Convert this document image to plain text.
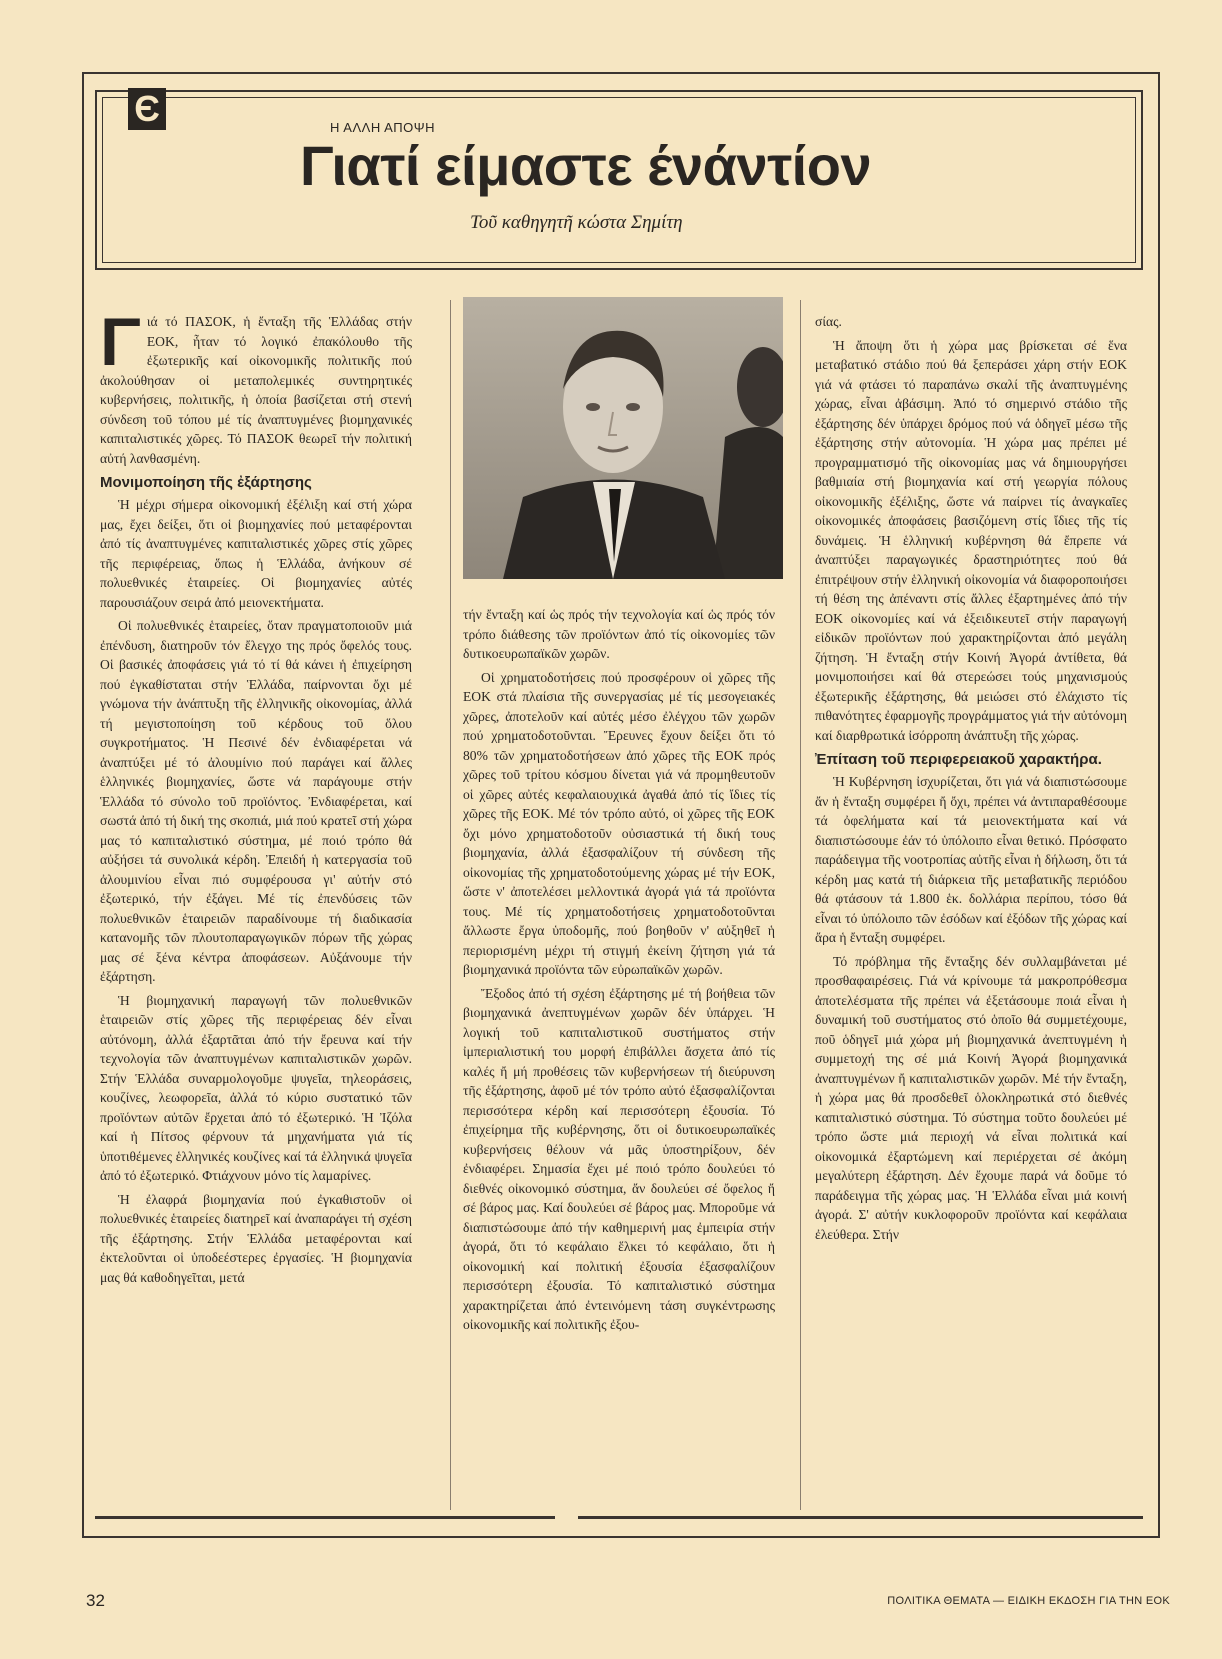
Є	Η ΑΛΛΗ ΑΠΟΨΗ
Γιατί είμαστε ένάντίον
Τοῦ καθηγητῆ κώστα Σημίτη

Γιά τό ΠΑΣΟΚ, ἡ ἔνταξη τῆς Ἑλλάδας στήν ΕΟΚ, ἦταν τό λογικό ἐπακόλουθο τῆς ἐξωτερικῆς καί οἰκονομικῆς πολιτικῆς πού ἀκολούθησαν οἱ μεταπολεμικές συντηρητικές κυβερνήσεις, πολιτικῆς, ἡ ὁποία βασίζεται στή στενή σύνδεση τοῦ τόπου μέ τίς ἀναπτυγμένες βιομηχανικές καπιταλιστικές χῶρες. Τό ΠΑΣΟΚ θεωρεῖ τήν πολιτική αὐτή λανθασμένη.

Μονιμοποίηση τῆς ἐξάρτησης

Ἡ μέχρι σήμερα οἰκονομική ἐξέλιξη καί στή χώρα μας, ἔχει δείξει, ὅτι οἱ βιομηχανίες πού μεταφέρονται ἀπό τίς ἀναπτυγμένες καπιταλιστικές χῶρες στίς χῶρες τῆς περιφέρειας, ὅπως ἡ Ἑλλάδα, ἀνήκουν σέ πολυεθνικές ἑταιρείες. Οἱ βιομηχανίες αὐτές παρουσιάζουν σειρά ἀπό μειονεκτήματα.

Οἱ πολυεθνικές ἑταιρείες, ὅταν πραγματοποιοῦν μιά ἐπένδυση, διατηροῦν τόν ἔλεγχο της πρός ὄφελός τους. Οἱ βασικές ἀποφάσεις γιά τό τί θά κάνει ἡ ἐπιχείρηση πού ἐγκαθίσταται στήν Ἑλλάδα, παίρνονται ὄχι μέ γνώμονα τήν ἀνάπτυξη τῆς ἑλληνικῆς οἰκονομίας, ἀλλά τή μεγιστοποίηση τοῦ κέρδους τοῦ ὅλου συγκροτήματος. Ἡ Πεσινέ δέν ἐνδιαφέρεται νά ἀναπτύξει μέ τό ἀλουμίνιο πού παράγει καί ἄλλες ἑλληνικές βιομηχανίες, ὥστε νά παράγουμε στήν Ἑλλάδα τό σύνολο τοῦ προϊόντος. Ἐνδιαφέρεται, καί σωστά ἀπό τή δική της σκοπιά, μιά πού κρατεῖ στή χώρα μας τό καπιταλιστικό σύστημα, μέ ποιό τρόπο θά αὐξήσει τά συνολικά κέρδη. Ἐπειδή ἡ κατεργασία τοῦ ἀλουμινίου εἶναι πιό συμφέρουσα γι' αὐτήν στό ἐξωτερικό, τήν ἐξάγει. Μέ τίς ἐπενδύσεις τῶν πολυεθνικῶν ἑταιρειῶν παραδίνουμε τή διαδικασία κατανομῆς τῶν πλουτοπαραγωγικῶν πόρων τῆς χώρας μας σέ ξένα κέντρα ἀποφάσεων. Αὐξάνουμε τήν ἐξάρτηση.

Ἡ βιομηχανική παραγωγή τῶν πολυεθνικῶν ἑταιρειῶν στίς χῶρες τῆς περιφέρειας δέν εἶναι αὐτόνομη, ἀλλά ἐξαρτᾶται ἀπό τήν ἔρευνα καί τήν τεχνολογία τῶν ἀναπτυγμένων καπιταλιστικῶν χωρῶν. Στήν Ἑλλάδα συναρμολογοῦμε ψυγεῖα, τηλεοράσεις, κουζίνες, λεωφορεῖα, ἀλλά τό κύριο συστατικό τῶν προϊόντων αὐτῶν ἔρχεται ἀπό τό ἐξωτερικό. Ἡ Ἰζόλα καί ἡ Πίτσος φέρνουν τά μηχανήματα γιά τίς ὑποτιθέμενες ἑλληνικές κουζίνες καί τά ἑλληνικά ψυγεῖα ἀπό τό ἐξωτερικό. Φτιάχνουν μόνο τίς λαμαρίνες.

Ἡ ἐλαφρά βιομηχανία πού ἐγκαθιστοῦν οἱ πολυεθνικές ἑταιρείες διατηρεῖ καί ἀναπαράγει τή σχέση τῆς ἐξάρτησης. Στήν Ἑλλάδα μεταφέρονται καί ἐκτελοῦνται οἱ ὑποδεέστερες ἐργασίες. Ἡ βιομηχανία μας θά καθοδηγεῖται, μετά

τήν ἔνταξη καί ὡς πρός τήν τεχνολογία καί ὡς πρός τόν τρόπο διάθεσης τῶν προϊόντων ἀπό τίς οἰκονομίες τῶν δυτικοευρωπαϊκῶν χωρῶν.

Οἱ χρηματοδοτήσεις πού προσφέρουν οἱ χῶρες τῆς ΕΟΚ στά πλαίσια τῆς συνεργασίας μέ τίς μεσογειακές χῶρες, ἀποτελοῦν καί αὐτές μέσο ἐλέγχου τῶν χωρῶν πού χρηματοδοτοῦνται. Ἔρευνες ἔχουν δείξει ὅτι τό 80% τῶν χρηματοδοτήσεων ἀπό χῶρες τῆς ΕΟΚ πρός χῶρες τοῦ τρίτου κόσμου δίνεται γιά νά προμηθευτοῦν οἱ χῶρες αὐτές κεφαλαιουχικά ἀγαθά ἀπό τίς ἴδιες τίς χῶρες τῆς ΕΟΚ. Μέ τόν τρόπο αὐτό, οἱ χῶρες τῆς ΕΟΚ ὄχι μόνο χρηματοδοτοῦν οὐσιαστικά τή δική τους βιομηχανία, ἀλλά ἐξασφαλίζουν τή σύνδεση τῆς οἰκονομίας τῆς χρηματοδοτούμενης χώρας μέ τήν ΕΟΚ, ὥστε ν' ἀποτελέσει μελλοντικά ἀγορά γιά τά προϊόντα τους. Μέ τίς χρηματοδοτήσεις χρηματοδοτοῦνται ἄλλωστε ἔργα ὑποδομῆς, πού βοηθοῦν ν' αὐξηθεῖ ἡ περιορισμένη μέχρι τή στιγμή ἐκείνη ζήτηση γιά τά βιομηχανικά προϊόντα τῶν εὐρωπαϊκῶν χωρῶν.

Ἔξοδος ἀπό τή σχέση ἐξάρτησης μέ τή βοήθεια τῶν βιομηχανικά ἀνεπτυγμένων χωρῶν δέν ὑπάρχει. Ἡ λογική τοῦ καπιταλιστικοῦ συστήματος στήν ἰμπεριαλιστική του μορφή ἐπιβάλλει ἄσχετα ἀπό τίς καλές ἤ μή προθέσεις τῶν κυβερνήσεων τή διεύρυνση τῆς ἐξάρτησης, ἀφοῦ μέ τόν τρόπο αὐτό ἐξασφαλίζονται περισσότερα κέρδη καί περισσότερη ἐξουσία. Τό ἐπιχείρημα τῆς κυβέρνησης, ὅτι οἱ δυτικοευρωπαϊκές κυβερνήσεις θέλουν νά μᾶς ὑποστηρίξουν, δέν ἐνδιαφέρει. Σημασία ἔχει μέ ποιό τρόπο δουλεύει τό διεθνές οἰκονομικό σύστημα, ἄν δουλεύει σέ ὄφελος ἤ σέ βάρος μας. Καί δουλεύει σέ βάρος μας. Μποροῦμε νά διαπιστώσουμε ἀπό τήν καθημερινή μας ἐμπειρία στήν ἀγορά, ὅτι τό κεφάλαιο ἕλκει τό κεφάλαιο, ὅτι ἡ οἰκονομική καί πολιτική ἐξουσία ἐξασφαλίζουν περισσότερη ἐξουσία. Τό καπιταλιστικό σύστημα χαρακτηρίζεται ἀπό ἐντεινόμενη τάση συγκέντρωσης οἰκονομικῆς καί πολιτικῆς ἐξου-

σίας.

Ἡ ἄποψη ὅτι ἡ χώρα μας βρίσκεται σέ ἕνα μεταβατικό στάδιο πού θά ξεπεράσει χάρη στήν ΕΟΚ γιά νά φτάσει τό παραπάνω σκαλί τῆς ἀναπτυγμένης χώρας, εἶναι ἀβάσιμη. Ἀπό τό σημερινό στάδιο τῆς ἐξάρτησης δέν ὑπάρχει δρόμος πού νά ὁδηγεῖ μέσω τῆς ἐξάρτησης στήν αὐτονομία. Ἡ χώρα μας πρέπει μέ προγραμματισμό τῆς οἰκονομίας μας νά δημιουργήσει βαθμιαία στή βιομηχανία καί στή γεωργία πόλους οἰκονομικῆς ἐξέλιξης, ὥστε νά παίρνει τίς ἀναγκαῖες οἰκονομικές ἀποφάσεις βασιζόμενη στίς ἴδιες τῆς τίς δυνάμεις. Ἡ ἑλληνική κυβέρνηση θά ἔπρεπε νά ἀναπτύξει παραγωγικές δραστηριότητες πού θά ἐπιτρέψουν στήν ἑλληνική οἰκονομία νά διαφοροποιήσει τή θέση της ἀπέναντι στίς ἄλλες ἐξαρτημένες ἀπό τήν ΕΟΚ οἰκονομίες καί νά ἐξειδικευτεῖ στήν παραγωγή εἰδικῶν προϊόντων πού χαρακτηρίζονται ἀπό μεγάλη ζήτηση. Ἡ ἔνταξη στήν Κοινή Ἀγορά ἀντίθετα, θά μονιμοποιήσει καί θά στερεώσει τούς μηχανισμούς ἐξωτερικῆς ἐξάρτησης, θά μειώσει στό ἐλάχιστο τίς πιθανότητες ἐφαρμογῆς προγράμματος γιά τήν αὐτόνομη καί διαρθρωτικά ἰσόρροπη ἀνάπτυξη τῆς χώρας.

Ἐπίταση τοῦ περιφερειακοῦ χαρακτήρα.

Ἡ Κυβέρνηση ἰσχυρίζεται, ὅτι γιά νά διαπιστώσουμε ἄν ἡ ἔνταξη συμφέρει ἤ ὄχι, πρέπει νά ἀντιπαραθέσουμε τά ὀφελήματα καί τά μειονεκτήματα καί νά διαπιστώσουμε ἐάν τό ὑπόλοιπο εἶναι θετικό. Πρόσφατο παράδειγμα τῆς νοοτροπίας αὐτῆς εἶναι ἡ δήλωση, ὅτι τά κέρδη μας κατά τή διάρκεια τῆς μεταβατικῆς περιόδου θά φτάσουν τά 1.800 ἑκ. δολλάρια περίπου, τόσο θά εἶναι τό ὑπόλοιπο τῶν ἐσόδων καί ἐξόδων τῆς χώρας καί ἄρα ἡ ἔνταξη συμφέρει.

Τό πρόβλημα τῆς ἔνταξης δέν συλλαμβάνεται μέ προσθαφαιρέσεις. Γιά νά κρίνουμε τά μακροπρόθεσμα ἀποτελέσματα τῆς πρέπει νά ἐξετάσουμε ποιά εἶναι ἡ δυναμική τοῦ συστήματος στό ὁποῖο θά συμμετέχουμε, ποῦ ὁδηγεῖ μιά χώρα μή βιομηχανικά ἀνεπτυγμένη ἡ συμμετοχή της σέ μιά Κοινή Ἀγορά βιομηχανικά ἀναπτυγμένων ἤ καπιταλιστικῶν χωρῶν. Μέ τήν ἔνταξη, ἡ χώρα μας θά προσδεθεῖ ὁλοκληρωτικά στό διεθνές καπιταλιστικό σύστημα. Τό σύστημα τοῦτο δουλεύει μέ τρόπο ὥστε μιά περιοχή νά εἶναι πολιτικά καί οἰκονομικά ἐξαρτώμενη καί περιέρχεται σέ ἀκόμη μεγαλύτερη ἐξάρτηση. Δέν ἔχουμε παρά νά δοῦμε τό παράδειγμα τῆς χώρας μας. Ἡ Ἑλλάδα εἶναι μιά κοινή ἀγορά. Σ' αὐτήν κυκλοφοροῦν προϊόντα καί κεφάλαια ἐλεύθερα. Στήν

32	ΠΟΛΙΤΙΚΑ ΘΕΜΑΤΑ — ΕΙΔΙΚΗ ΕΚΔΟΣΗ ΓΙΑ ΤΗΝ ΕΟΚ
